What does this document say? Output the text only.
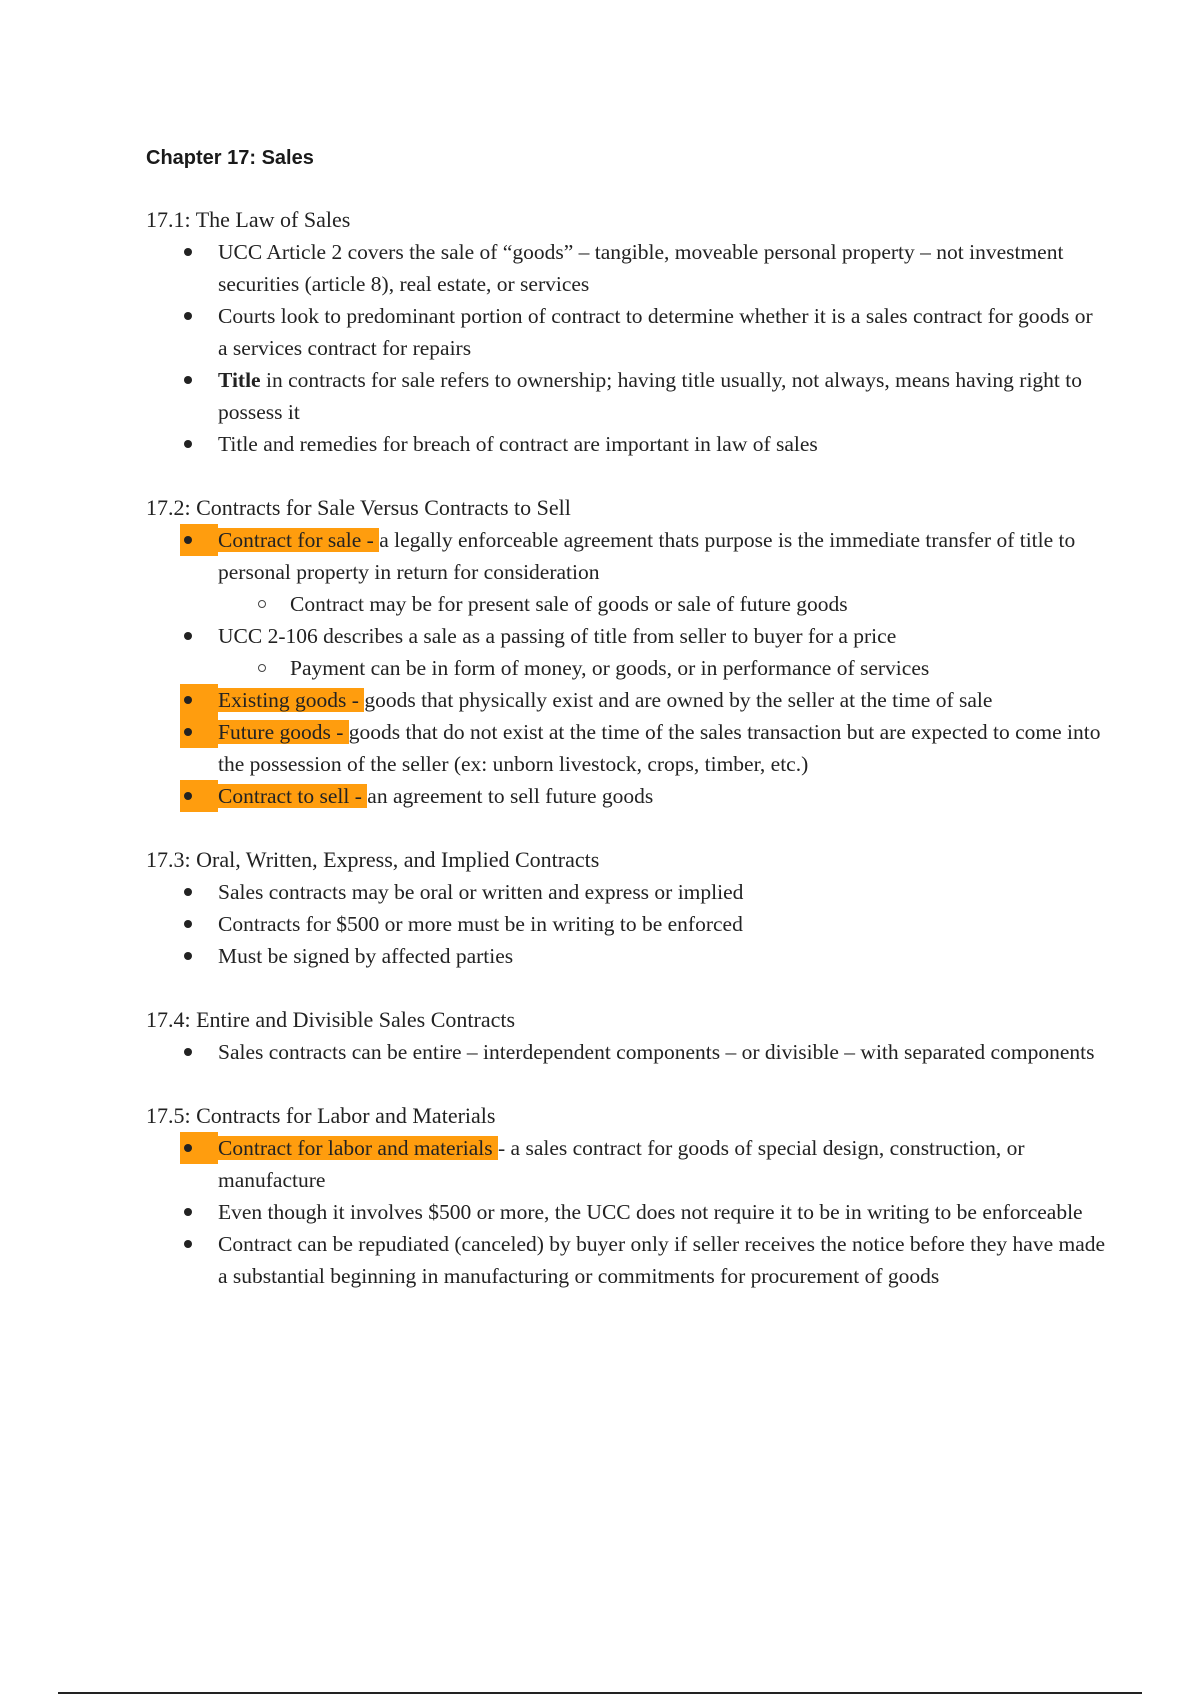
Chapter 17: Sales
17.1: The Law of Sales
UCC Article 2 covers the sale of “goods” – tangible, moveable personal property – not investment securities (article 8), real estate, or services
Courts look to predominant portion of contract to determine whether it is a sales contract for goods or a services contract for repairs
Title in contracts for sale refers to ownership; having title usually, not always, means having right to possess it
Title and remedies for breach of contract are important in law of sales
17.2: Contracts for Sale Versus Contracts to Sell
Contract for sale - a legally enforceable agreement thats purpose is the immediate transfer of title to personal property in return for consideration
Contract may be for present sale of goods or sale of future goods
UCC 2-106 describes a sale as a passing of title from seller to buyer for a price
Payment can be in form of money, or goods, or in performance of services
Existing goods - goods that physically exist and are owned by the seller at the time of sale
Future goods - goods that do not exist at the time of the sales transaction but are expected to come into the possession of the seller (ex: unborn livestock, crops, timber, etc.)
Contract to sell - an agreement to sell future goods
17.3: Oral, Written, Express, and Implied Contracts
Sales contracts may be oral or written and express or implied
Contracts for $500 or more must be in writing to be enforced
Must be signed by affected parties
17.4: Entire and Divisible Sales Contracts
Sales contracts can be entire – interdependent components – or divisible – with separated components
17.5: Contracts for Labor and Materials
Contract for labor and materials - a sales contract for goods of special design, construction, or manufacture
Even though it involves $500 or more, the UCC does not require it to be in writing to be enforceable
Contract can be repudiated (canceled) by buyer only if seller receives the notice before they have made a substantial beginning in manufacturing or commitments for procurement of goods
